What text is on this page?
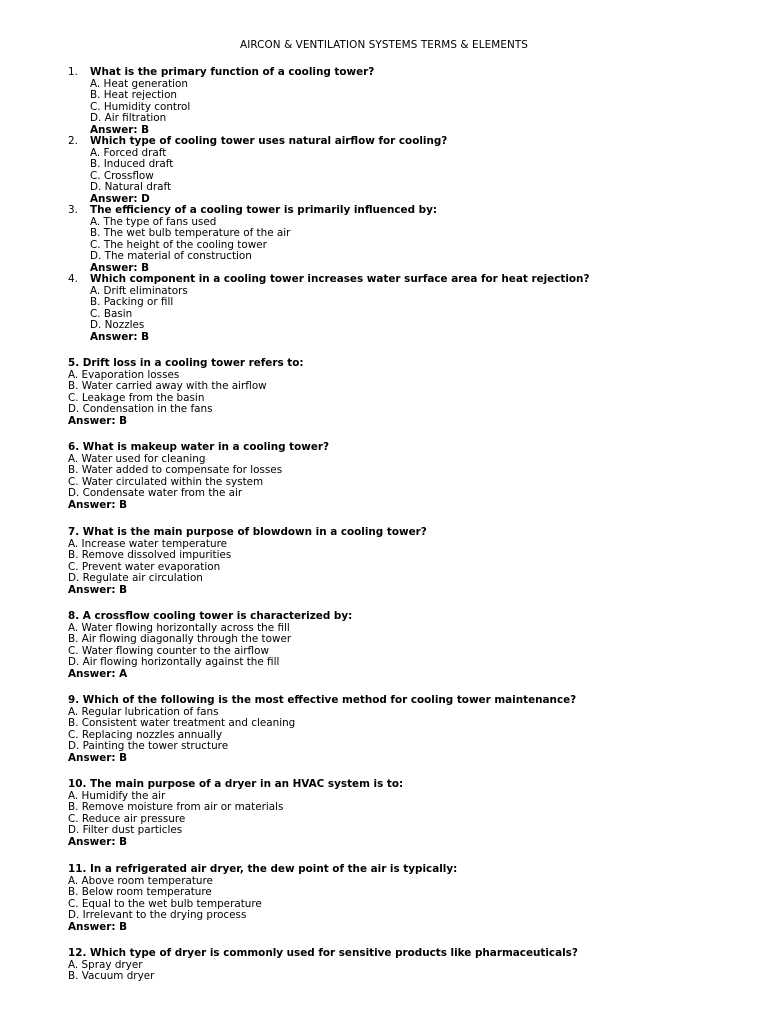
AIRCON & VENTILATION SYSTEMS TERMS & ELEMENTS
1. What is the primary function of a cooling tower?
A. Heat generation
B. Heat rejection
C. Humidity control
D. Air filtration
Answer: B
2. Which type of cooling tower uses natural airflow for cooling?
A. Forced draft
B. Induced draft
C. Crossflow
D. Natural draft
Answer: D
3. The efficiency of a cooling tower is primarily influenced by:
A. The type of fans used
B. The wet bulb temperature of the air
C. The height of the cooling tower
D. The material of construction
Answer: B
4. Which component in a cooling tower increases water surface area for heat rejection?
A. Drift eliminators
B. Packing or fill
C. Basin
D. Nozzles
Answer: B
5. Drift loss in a cooling tower refers to:
A. Evaporation losses
B. Water carried away with the airflow
C. Leakage from the basin
D. Condensation in the fans
Answer: B
6. What is makeup water in a cooling tower?
A. Water used for cleaning
B. Water added to compensate for losses
C. Water circulated within the system
D. Condensate water from the air
Answer: B
7. What is the main purpose of blowdown in a cooling tower?
A. Increase water temperature
B. Remove dissolved impurities
C. Prevent water evaporation
D. Regulate air circulation
Answer: B
8. A crossflow cooling tower is characterized by:
A. Water flowing horizontally across the fill
B. Air flowing diagonally through the tower
C. Water flowing counter to the airflow
D. Air flowing horizontally against the fill
Answer: A
9. Which of the following is the most effective method for cooling tower maintenance?
A. Regular lubrication of fans
B. Consistent water treatment and cleaning
C. Replacing nozzles annually
D. Painting the tower structure
Answer: B
10. The main purpose of a dryer in an HVAC system is to:
A. Humidify the air
B. Remove moisture from air or materials
C. Reduce air pressure
D. Filter dust particles
Answer: B
11. In a refrigerated air dryer, the dew point of the air is typically:
A. Above room temperature
B. Below room temperature
C. Equal to the wet bulb temperature
D. Irrelevant to the drying process
Answer: B
12. Which type of dryer is commonly used for sensitive products like pharmaceuticals?
A. Spray dryer
B. Vacuum dryer
